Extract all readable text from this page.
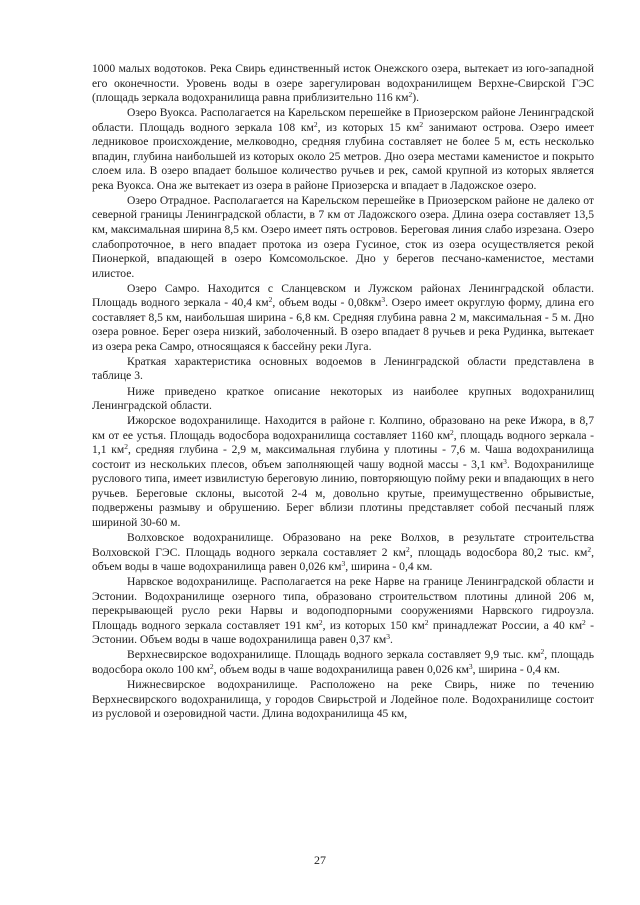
1000 малых водотоков. Река Свирь единственный исток Онежского озера, вытекает из юго-западной его оконечности. Уровень воды в озере зарегулирован водохранилищем Верхне-Свирской ГЭС (площадь зеркала водохранилища равна приблизительно 116 $км^2$).

Озеро Вуокса. Располагается на Карельском перешейке в Приозерском районе Ленинградской области. Площадь водного зеркала 108 $км^2$, из которых 15 $км^2$ занимают острова. Озеро имеет ледниковое происхождение, мелководно, средняя глубина составляет не более 5 м, есть несколько впадин, глубина наибольшей из которых около 25 метров. Дно озера местами каменистое и покрыто слоем ила. В озеро впадает большое количество ручьев и рек, самой крупной из которых является река Вуокса. Она же вытекает из озера в районе Приозерска и впадает в Ладожское озеро.

Озеро Отрадное. Располагается на Карельском перешейке в Приозерском районе не далеко от северной границы Ленинградской области, в 7 км от Ладожского озера. Длина озера составляет 13,5 км, максимальная ширина 8,5 км. Озеро имеет пять островов. Береговая линия слабо изрезана. Озеро слабопроточное, в него впадает протока из озера Гусиное, сток из озера осуществляется рекой Пионеркой, впадающей в озеро Комсомольское. Дно у берегов песчано-каменистое, местами илистое.

Озеро Самро. Находится с Сланцевском и Лужском районах Ленинградской области. Площадь водного зеркала - 40,4 $км^2$, объем воды - $0,08км^3$. Озеро имеет округлую форму, длина его составляет 8,5 км, наибольшая ширина - 6,8 км. Средняя глубина равна 2 м, максимальная - 5 м. Дно озера ровное. Берег озера низкий, заболоченный. В озеро впадает 8 ручьев и река Рудинка, вытекает из озера река Самро, относящаяся к бассейну реки Луга.

Краткая характеристика основных водоемов в Ленинградской области представлена в таблице 3.

Ниже приведено краткое описание некоторых из наиболее крупных водохранилищ Ленинградской области.

Ижорское водохранилище. Находится в районе г. Колпино, образовано на реке Ижора, в 8,7 км от ее устья. Площадь водосбора водохранилища составляет 1160 $км^2$, площадь водного зеркала - 1,1 $км^2$, средняя глубина - 2,9 м, максимальная глубина у плотины - 7,6 м. Чаша водохранилища состоит из нескольких плесов, объем заполняющей чашу водной массы - 3,1 $км^3$. Водохранилище руслового типа, имеет извилистую береговую линию, повторяющую пойму реки и впадающих в него ручьев. Береговые склоны, высотой 2-4 м, довольно крутые, преимущественно обрывистые, подвержены размыву и обрушению. Берег вблизи плотины представляет собой песчаный пляж шириной 30-60 м.

Волховское водохранилище. Образовано на реке Волхов, в результате строительства Волховской ГЭС. Площадь водного зеркала составляет 2 $км^2$, площадь водосбора 80,2 тыс. $км^2$, объем воды в чаше водохранилища равен 0,026 $км^3$, ширина - 0,4 км.

Нарвское водохранилище. Располагается на реке Нарве на границе Ленинградской области и Эстонии. Водохранилище озерного типа, образовано строительством плотины длиной 206 м, перекрывающей русло реки Нарвы и водоподпорными сооружениями Нарвского гидроузла. Площадь водного зеркала составляет 191 $км^2$, из которых 150 $км^2$ принадлежат России, а 40 $км^2$ - Эстонии. Объем воды в чаше водохранилища равен 0,37 $км^3$.

Верхнесвирское водохранилище. Площадь водного зеркала составляет 9,9 тыс. $км^2$, площадь водосбора около 100 $км^2$, объем воды в чаше водохранилища равен 0,026 $км^3$, ширина - 0,4 км.

Нижнесвирское водохранилище. Расположено на реке Свирь, ниже по течению Верхнесвирского водохранилища, у городов Свирьстрой и Лодейное поле. Водохранилище состоит из русловой и озеровидной части. Длина водохранилища 45 км,

27
